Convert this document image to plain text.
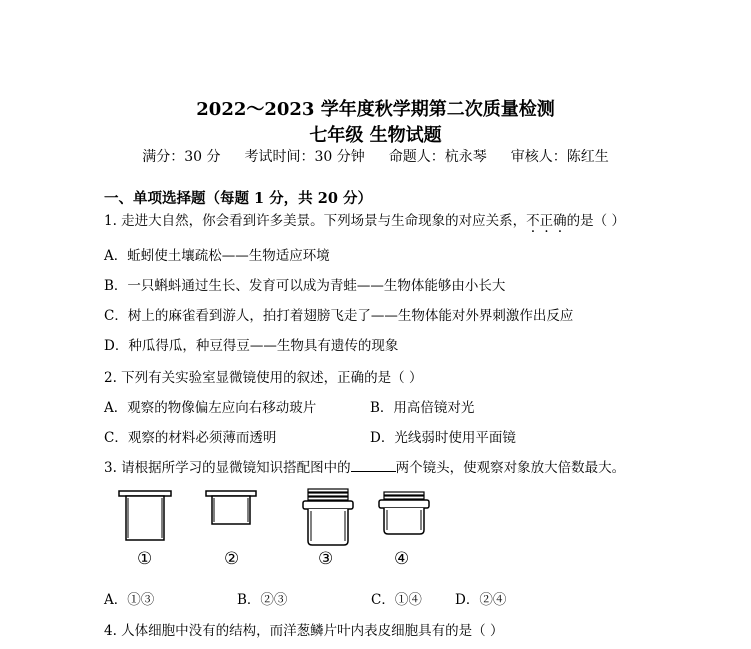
2022～2023 学年度秋学期第二次质量检测
七年级 生物试题
满分：30 分 考试时间：30 分钟 命题人：杭永琴 审核人：陈红生
一、单项选择题（每题 1 分，共 20 分）
1. 走进大自然，你会看到许多美景。下列场景与生命现象的对应关系，不正确的是（ ）
A．蚯蚓使土壤疏松——生物适应环境
B．一只蝌蚪通过生长、发育可以成为青蛙——生物体能够由小长大
C．树上的麻雀看到游人，拍打着翅膀飞走了——生物体能对外界刺激作出反应
D．种瓜得瓜，种豆得豆——生物具有遗传的现象
2. 下列有关实验室显微镜使用的叙述，正确的是（ ）
A．观察的物像偏左应向右移动玻片	B．用高倍镜对光
C．观察的材料必须薄而透明	D．光线弱时使用平面镜
3. 请根据所学习的显微镜知识搭配图中的	两个镜头，使观察对象放大倍数最大。
①	②	③	④
A．①③	B．②③	C．①④ D．②④
4. 人体细胞中没有的结构，而洋葱鳞片叶内表皮细胞具有的是（ ）
